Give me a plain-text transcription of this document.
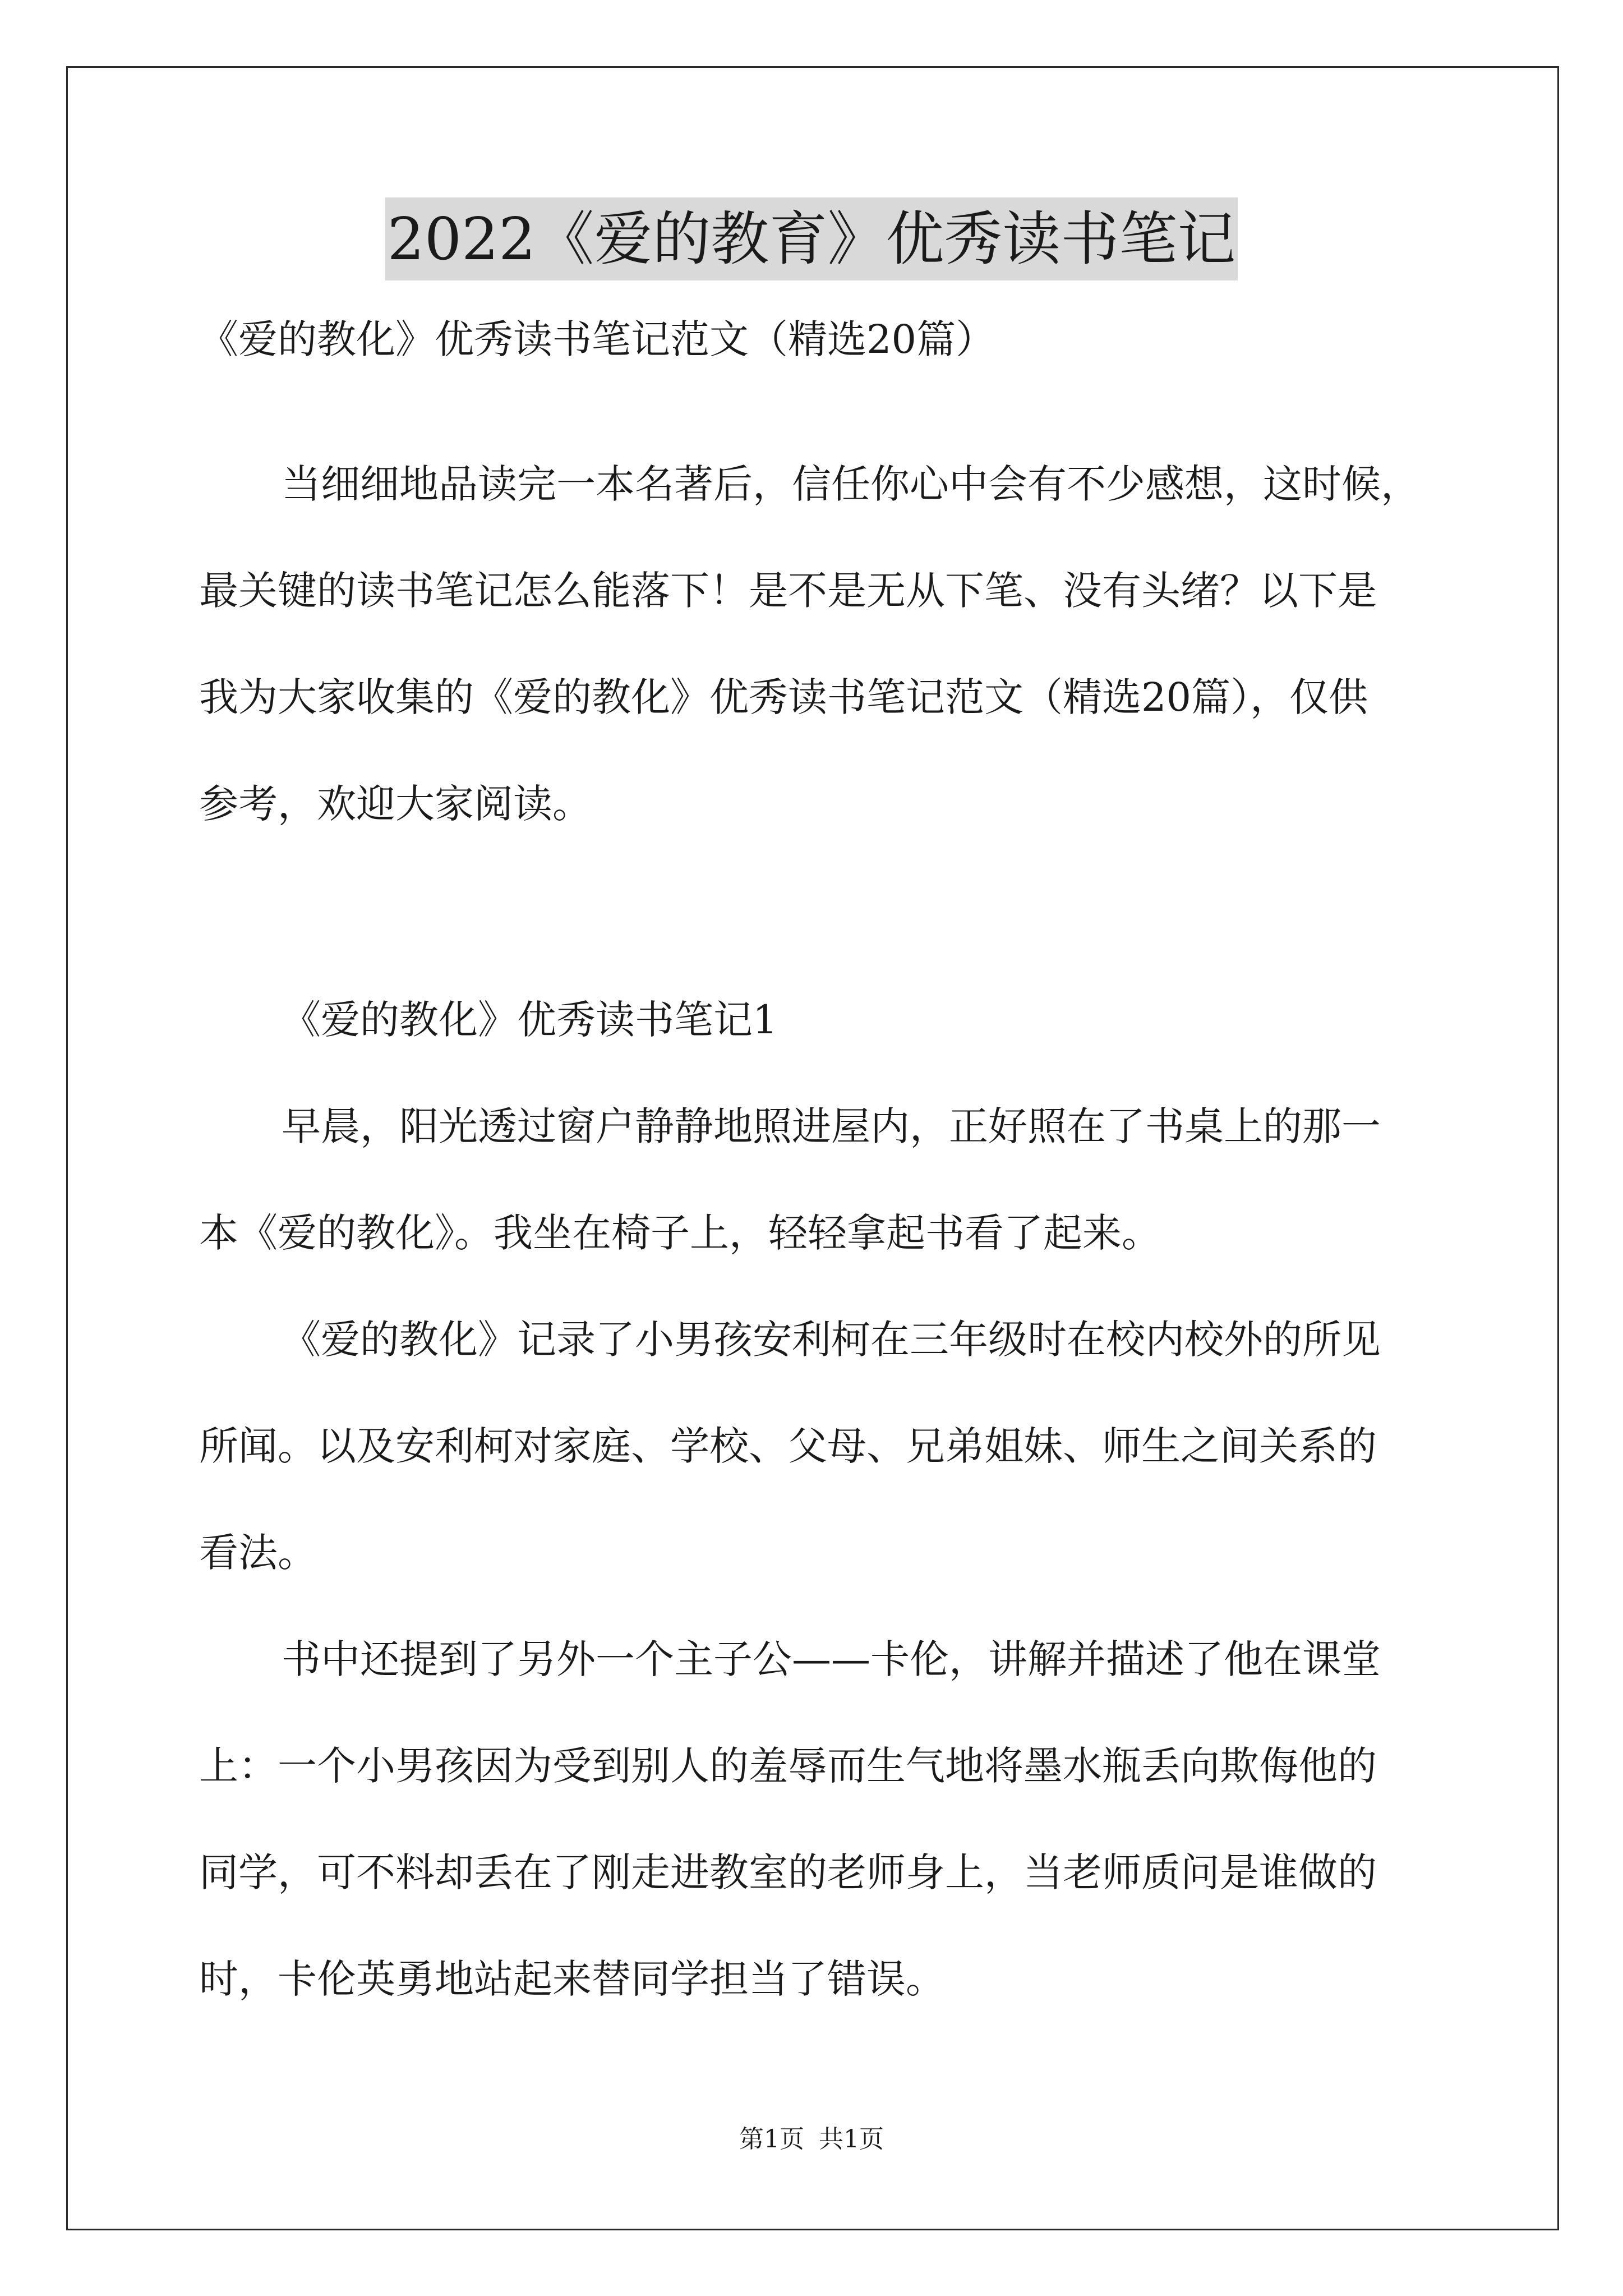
2022《爱的教育》优秀读书笔记
《爱的教化》优秀读书笔记范文（精选20篇）
当细细地品读完一本名著后，信任你心中会有不少感想，这时候，
最关键的读书笔记怎么能落下！是不是无从下笔、没有头绪？以下是
我为大家收集的《爱的教化》优秀读书笔记范文（精选20篇），仅供
参考，欢迎大家阅读。
《爱的教化》优秀读书笔记1
早晨，阳光透过窗户静静地照进屋内，正好照在了书桌上的那一
本《爱的教化》。我坐在椅子上，轻轻拿起书看了起来。
《爱的教化》记录了小男孩安利柯在三年级时在校内校外的所见
所闻。以及安利柯对家庭、学校、父母、兄弟姐妹、师生之间关系的
看法。
书中还提到了另外一个主子公——卡伦，讲解并描述了他在课堂
上：一个小男孩因为受到别人的羞辱而生气地将墨水瓶丢向欺侮他的
同学，可不料却丢在了刚走进教室的老师身上，当老师质问是谁做的
时，卡伦英勇地站起来替同学担当了错误。
第1页 共1页
